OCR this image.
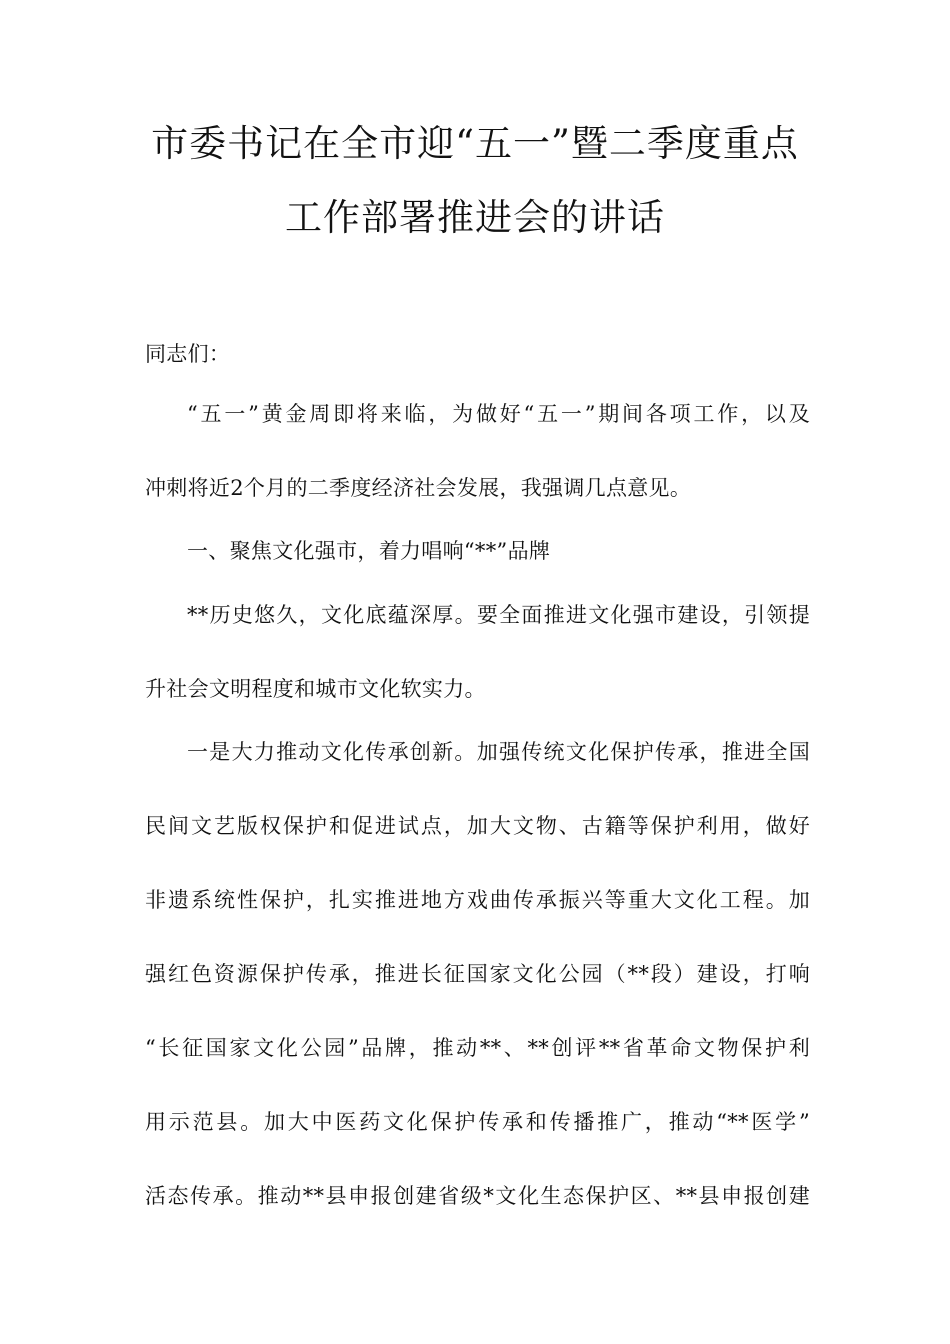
市委书记在全市迎“五一”暨二季度重点
工作部署推进会的讲话
同志们：
“五一”黄金周即将来临，为做好“五一”期间各项工作，以及
冲刺将近2个月的二季度经济社会发展，我强调几点意见。
一、聚焦文化强市，着力唱响“**”品牌
**历史悠久，文化底蕴深厚。要全面推进文化强市建设，引领提
升社会文明程度和城市文化软实力。
一是大力推动文化传承创新。加强传统文化保护传承，推进全国
民间文艺版权保护和促进试点，加大文物、古籍等保护利用，做好
非遗系统性保护，扎实推进地方戏曲传承振兴等重大文化工程。加
强红色资源保护传承，推进长征国家文化公园（**段）建设，打响
“长征国家文化公园”品牌，推动**、**创评**省革命文物保护利
用示范县。加大中医药文化保护传承和传播推广，推动“**医学”
活态传承。推动**县申报创建省级*文化生态保护区、**县申报创建
